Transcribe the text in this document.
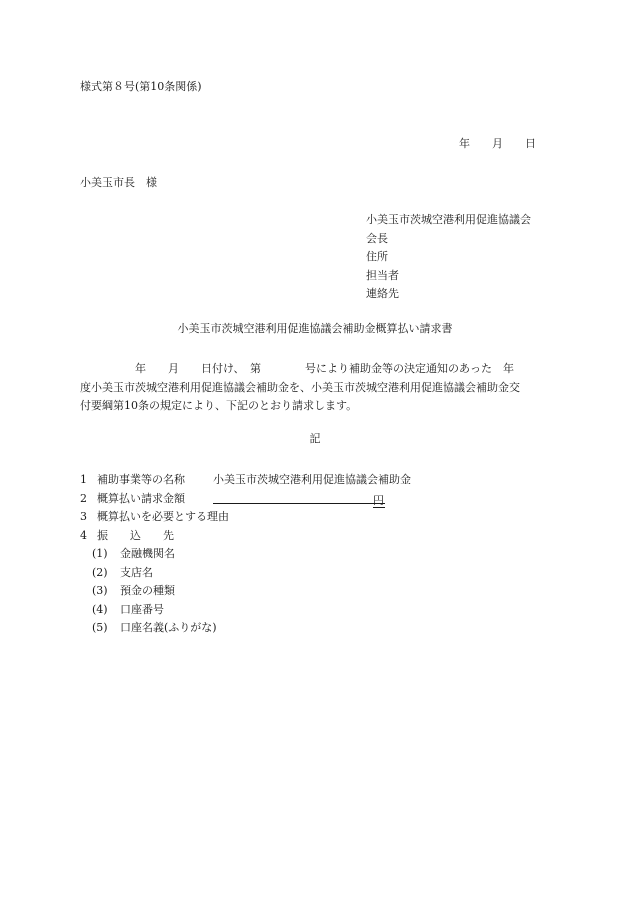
様式第８号(第10条関係)
年 月 日
小美玉市長　様
小美玉市茨城空港利用促進協議会
会長
住所
担当者
連絡先
小美玉市茨城空港利用促進協議会補助金概算払い請求書
　　　　　年　　月　　日付け、　第　　　　号により補助金等の決定通知のあった　年
度小美玉市茨城空港利用促進協議会補助金を、小美玉市茨城空港利用促進協議会補助金交
付要綱第10条の規定により、下記のとおり請求します。
記
1 補助事業等の名称	小美玉市茨城空港利用促進協議会補助金
2 概算払い請求金額	円
3 概算払いを必要とする理由
4 振　　込　　先
(1) 金融機関名
(2) 支店名
(3) 預金の種類
(4) 口座番号
(5) 口座名義(ふりがな)
